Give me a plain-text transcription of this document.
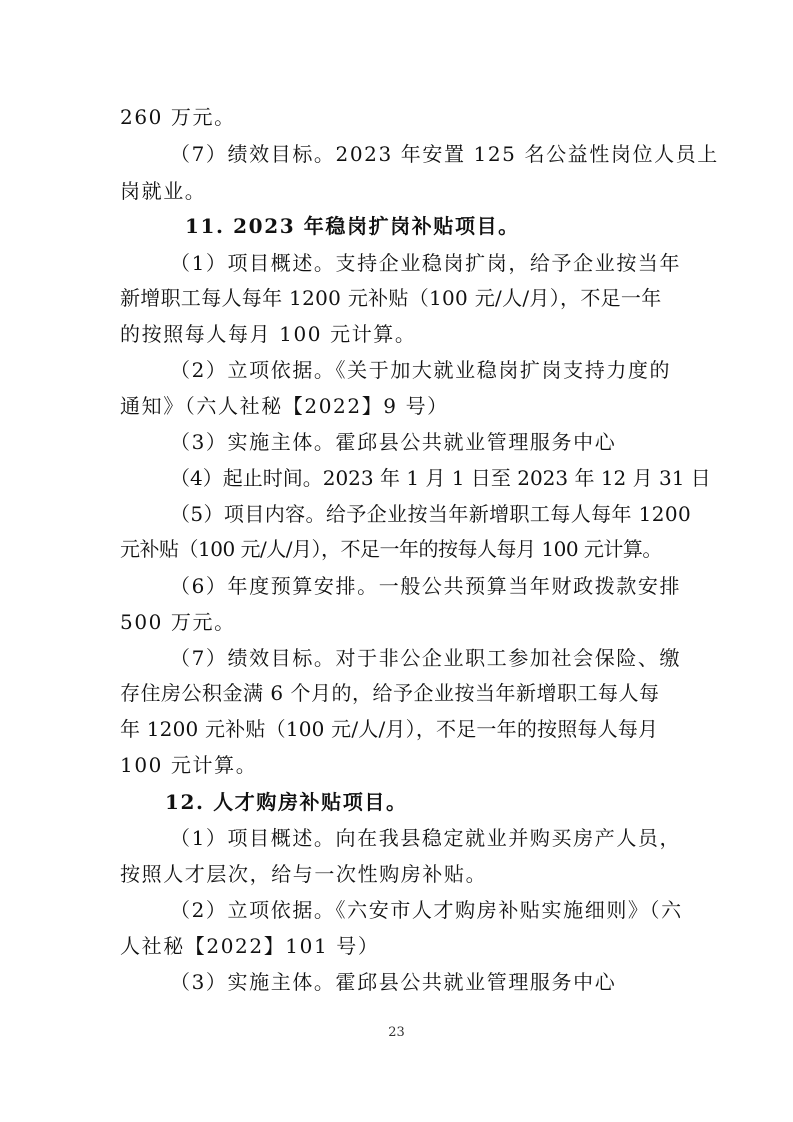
260 万元。
（7）绩效目标。2023 年安置 125 名公益性岗位人员上
岗就业。
11. 2023 年稳岗扩岗补贴项目。
（1）项目概述。支持企业稳岗扩岗，给予企业按当年
新增职工每人每年 1200 元补贴（100 元/人/月），不足一年
的按照每人每月 100 元计算。
（2）立项依据。《关于加大就业稳岗扩岗支持力度的
通知》（六人社秘【2022】9 号）
（3）实施主体。霍邱县公共就业管理服务中心
（4）起止时间。2023 年 1 月 1 日至 2023 年 12 月 31 日
（5）项目内容。给予企业按当年新增职工每人每年 1200
元补贴（100 元/人/月），不足一年的按每人每月 100 元计算。
（6）年度预算安排。一般公共预算当年财政拨款安排
500 万元。
（7）绩效目标。对于非公企业职工参加社会保险、缴
存住房公积金满 6 个月的，给予企业按当年新增职工每人每
年 1200 元补贴（100 元/人/月），不足一年的按照每人每月
100 元计算。
12. 人才购房补贴项目。
（1）项目概述。向在我县稳定就业并购买房产人员，
按照人才层次，给与一次性购房补贴。
（2）立项依据。《六安市人才购房补贴实施细则》（六
人社秘【2022】101 号）
（3）实施主体。霍邱县公共就业管理服务中心
23
